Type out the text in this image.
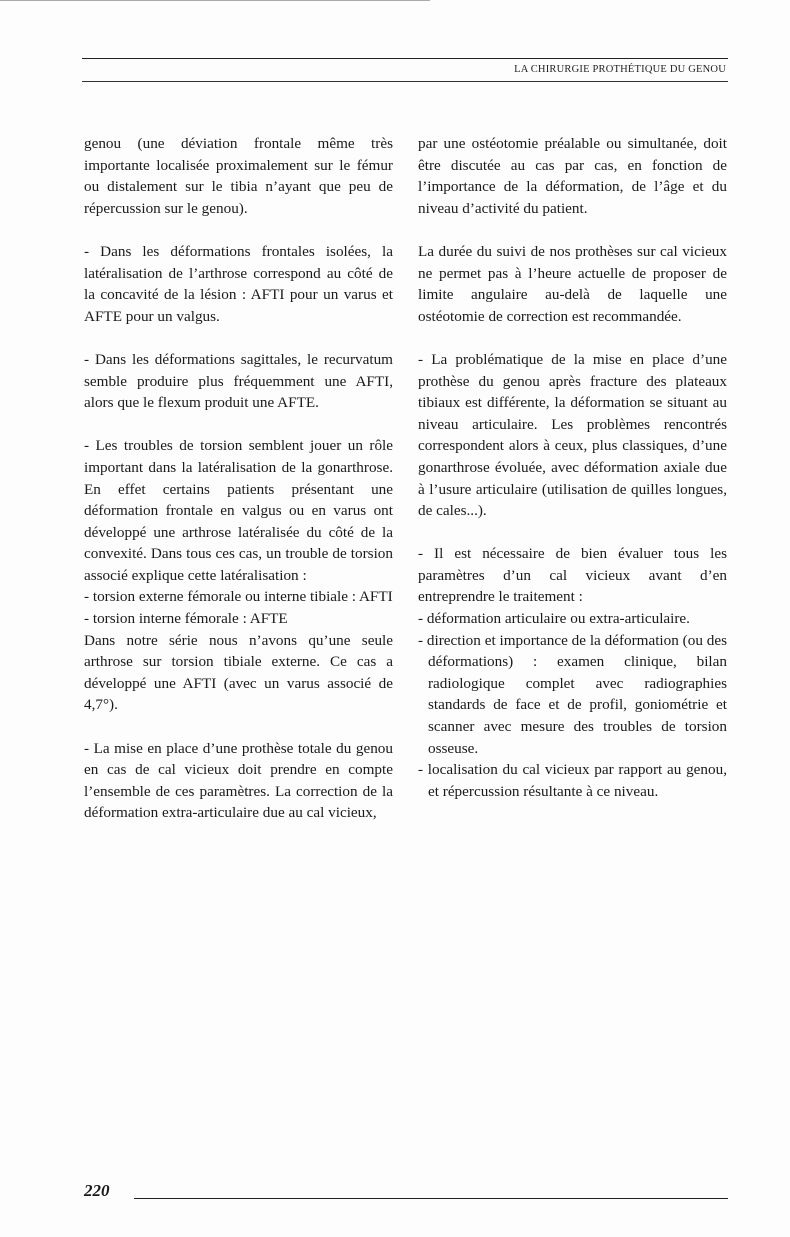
LA CHIRURGIE PROTHÉTIQUE DU GENOU

genou (une déviation frontale même très importante localisée proximalement sur le fémur ou distalement sur le tibia n’ayant que peu de répercussion sur le genou).

- Dans les déformations frontales isolées, la latéralisation de l’arthrose correspond au côté de la concavité de la lésion : AFTI pour un varus et AFTE pour un valgus.

- Dans les déformations sagittales, le recurvatum semble produire plus fréquemment une AFTI, alors que le flexum produit une AFTE.

- Les troubles de torsion semblent jouer un rôle important dans la latéralisation de la gonarthrose. En effet certains patients présentant une déformation frontale en valgus ou en varus ont développé une arthrose latéralisée du côté de la convexité. Dans tous ces cas, un trouble de torsion associé explique cette latéralisation :

- torsion externe fémorale ou interne tibiale : AFTI

- torsion interne fémorale : AFTE

Dans notre série nous n’avons qu’une seule arthrose sur torsion tibiale externe. Ce cas a développé une AFTI (avec un varus associé de 4,7°).

- La mise en place d’une prothèse totale du genou en cas de cal vicieux doit prendre en compte l’ensemble de ces paramètres. La correction de la déformation extra-articulaire due au cal vicieux,

par une ostéotomie préalable ou simultanée, doit être discutée au cas par cas, en fonction de l’importance de la déformation, de l’âge et du niveau d’activité du patient.

La durée du suivi de nos prothèses sur cal vicieux ne permet pas à l’heure actuelle de proposer de limite angulaire au-delà de laquelle une ostéotomie de correction est recommandée.

- La problématique de la mise en place d’une prothèse du genou après fracture des plateaux tibiaux est différente, la déformation se situant au niveau articulaire. Les problèmes rencontrés correspondent alors à ceux, plus classiques, d’une gonarthrose évoluée, avec déformation axiale due à l’usure articulaire (utilisation de quilles longues, de cales...).

- Il est nécessaire de bien évaluer tous les paramètres d’un cal vicieux avant d’en entreprendre le traitement :

- déformation articulaire ou extra-articulaire.

- direction et importance de la déformation (ou des déformations) : examen clinique, bilan radiologique complet avec radiographies standards de face et de profil, goniométrie et scanner avec mesure des troubles de torsion osseuse.

- localisation du cal vicieux par rapport au genou, et répercussion résultante à ce niveau.

220
